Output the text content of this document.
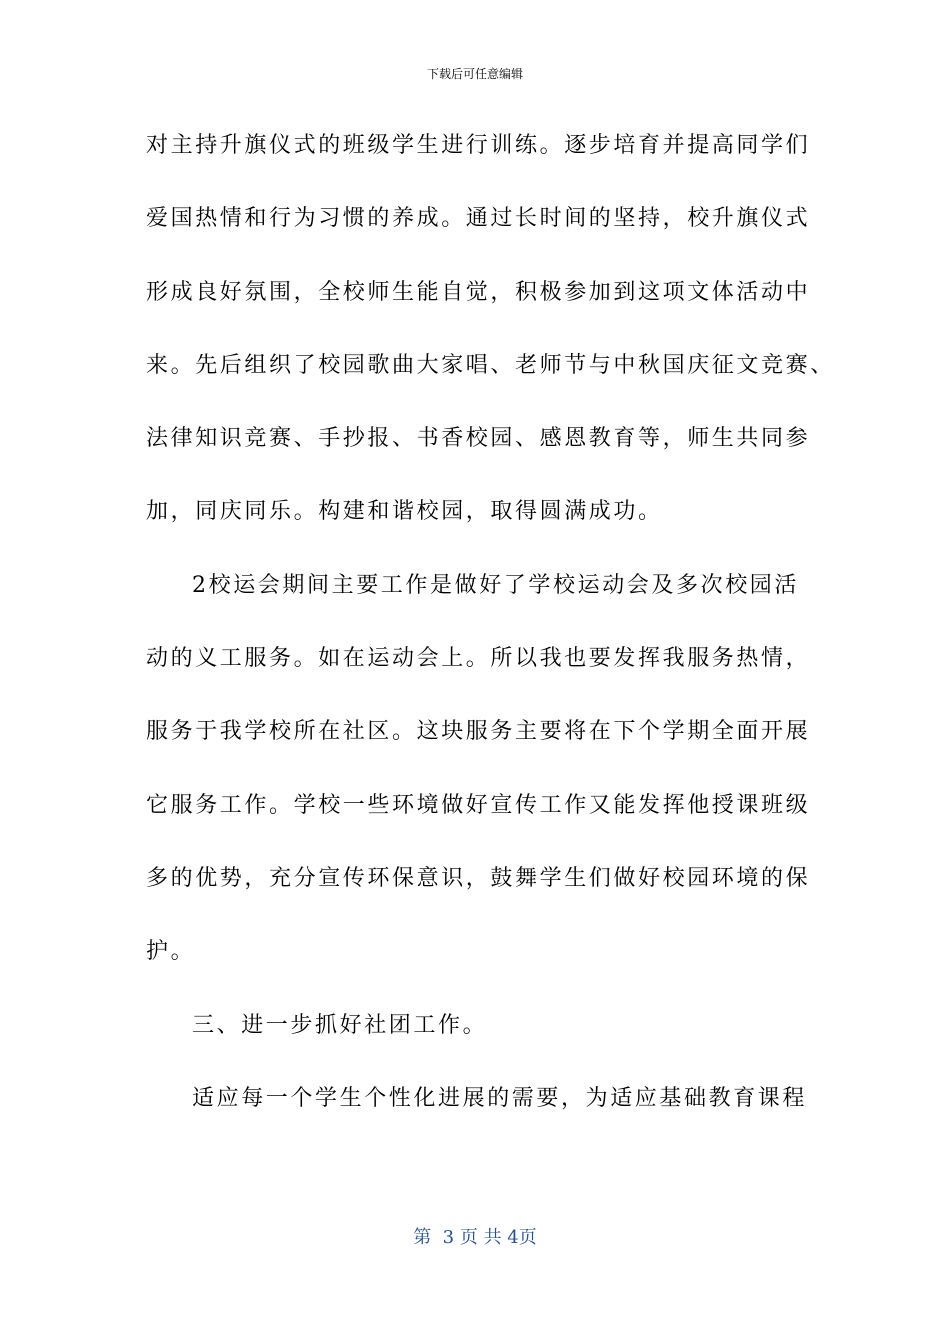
下载后可任意编辑
对主持升旗仪式的班级学生进行训练。逐步培育并提高同学们
爱国热情和行为习惯的养成。通过长时间的坚持，校升旗仪式
形成良好氛围，全校师生能自觉，积极参加到这项文体活动中
来。先后组织了校园歌曲大家唱、老师节与中秋国庆征文竞赛、
法律知识竞赛、手抄报、书香校园、感恩教育等，师生共同参
加，同庆同乐。构建和谐校园，取得圆满成功。
2校运会期间主要工作是做好了学校运动会及多次校园活
动的义工服务。如在运动会上。所以我也要发挥我服务热情，
服务于我学校所在社区。这块服务主要将在下个学期全面开展
它服务工作。学校一些环境做好宣传工作又能发挥他授课班级
多的优势，充分宣传环保意识，鼓舞学生们做好校园环境的保
护。
三、进一步抓好社团工作。
适应每一个学生个性化进展的需要，为适应基础教育课程
第  3 页 共 4页
